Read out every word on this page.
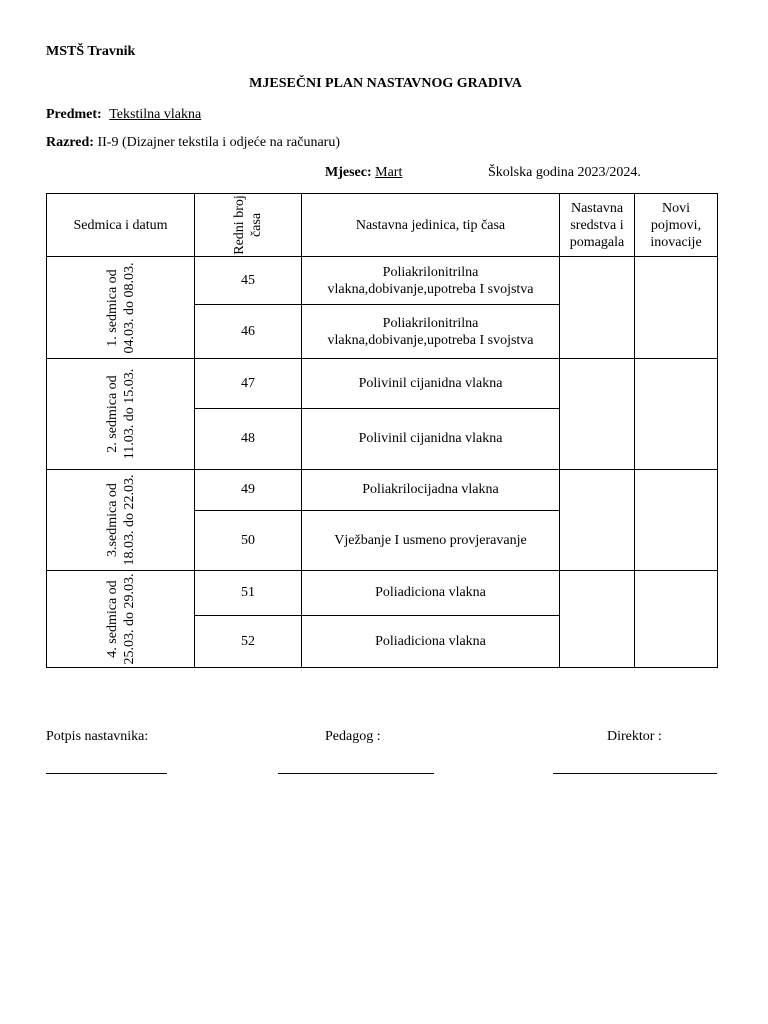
MSTŠ Travnik
MJESEČNI PLAN NASTAVNOG GRADIVA
Predmet: Tekstilna vlakna
Razred: II-9 (Dizajner tekstila i odjeće na računaru)
Mjesec: Mart	Školska godina 2023/2024.
Sedmica i datum	Redni broj časa	Nastavna jedinica, tip časa	Nastavna
sredstva i
pomagala	Novi
pojmovi,
inovacije

1. sedmica od 04.03. do 08.03.	45	Poliakrilonitrilna
vlakna,dobivanje,upotreba I svojstva		
	46	Poliakrilonitrilna
vlakna,dobivanje,upotreba I svojstva		

2. sedmica od 11.03. do 15.03.	47	Polivinil cijanidna vlakna		
	48	Polivinil cijanidna vlakna		

3.sedmica od 18.03. do 22.03.	49	Poliakrilocijadna vlakna		
	50	Vježbanje I usmeno provjeravanje		

4. sedmica od 25.03. do 29.03.	51	Poliadiciona vlakna		
	52	Poliadiciona vlakna		
Potpis nastavnika:	Pedagog :	Direktor :
